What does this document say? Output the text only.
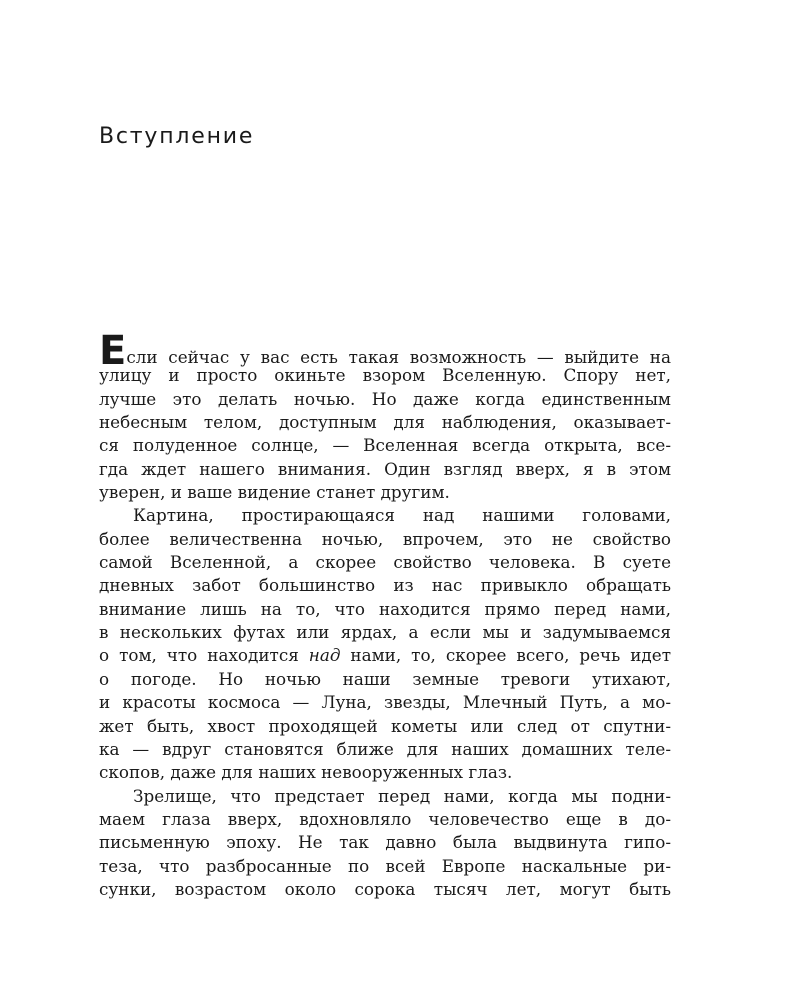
Вступление
Если сейчас у вас есть такая возможность — выйдите на
улицу и просто окиньте взором Вселенную. Спору нет,
лучше это делать ночью. Но даже когда единственным
небесным телом, доступным для наблюдения, оказывает-
ся полуденное солнце, — Вселенная всегда открыта, все-
гда ждет нашего внимания. Один взгляд вверх, я в этом
уверен, и ваше видение станет другим.
Картина, простирающаяся над нашими головами,
более величественна ночью, впрочем, это не свойство
самой Вселенной, а скорее свойство человека. В суете
дневных забот большинство из нас привыкло обращать
внимание лишь на то, что находится прямо перед нами,
в нескольких футах или ярдах, а если мы и задумываемся
о том, что находится над нами, то, скорее всего, речь идет
о погоде. Но ночью наши земные тревоги утихают,
и красоты космоса — Луна, звезды, Млечный Путь, а мо-
жет быть, хвост проходящей кометы или след от спутни-
ка — вдруг становятся ближе для наших домашних теле-
скопов, даже для наших невооруженных глаз.
Зрелище, что предстает перед нами, когда мы подни-
маем глаза вверх, вдохновляло человечество еще в до-
письменную эпоху. Не так давно была выдвинута гипо-
теза, что разбросанные по всей Европе наскальные ри-
сунки, возрастом около сорока тысяч лет, могут быть
